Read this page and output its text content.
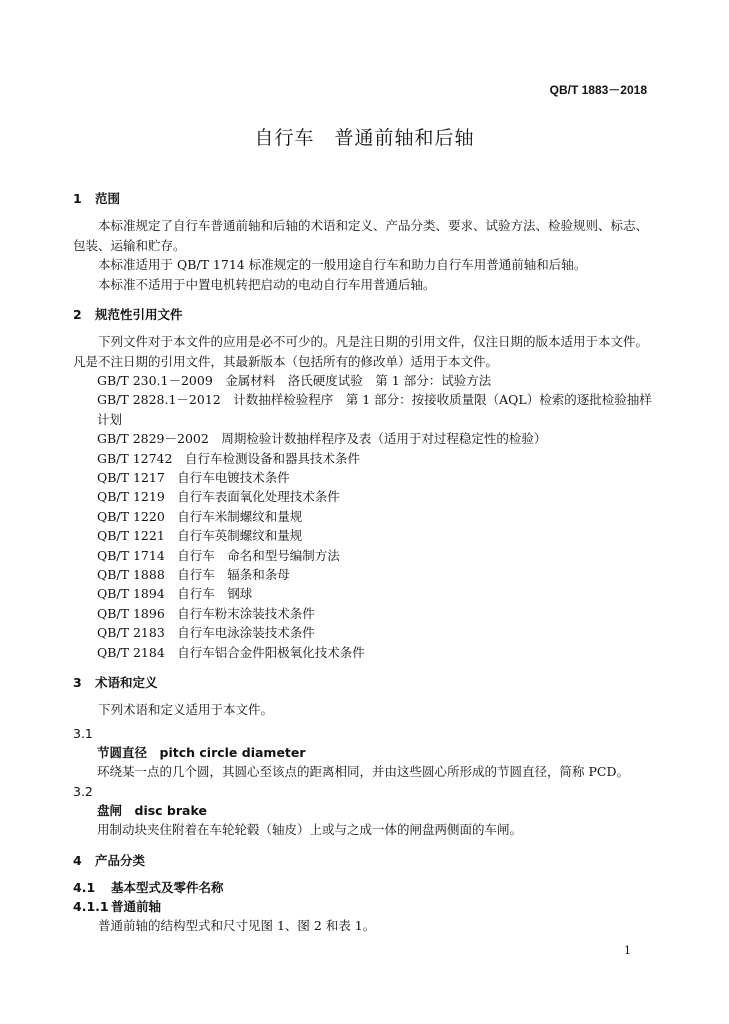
QB/T 1883－2018
自行车　普通前轴和后轴
1 范围

本标准规定了自行车普通前轴和后轴的术语和定义、产品分类、要求、试验方法、检验规则、标志、包装、运输和贮存。

本标准适用于 QB/T 1714 标准规定的一般用途自行车和助力自行车用普通前轴和后轴。

本标准不适用于中置电机转把启动的电动自行车用普通后轴。

2 规范性引用文件

下列文件对于本文件的应用是必不可少的。凡是注日期的引用文件，仅注日期的版本适用于本文件。凡是不注日期的引用文件，其最新版本（包括所有的修改单）适用于本文件。

GB/T 230.1－2009　金属材料　洛氏硬度试验　第 1 部分：试验方法
GB/T 2828.1－2012　计数抽样检验程序　第 1 部分：按接收质量限（AQL）检索的逐批检验抽样计划
GB/T 2829－2002　周期检验计数抽样程序及表（适用于对过程稳定性的检验）
GB/T 12742　自行车检测设备和器具技术条件
QB/T 1217　自行车电镀技术条件
QB/T 1219　自行车表面氧化处理技术条件
QB/T 1220　自行车米制螺纹和量规
QB/T 1221　自行车英制螺纹和量规
QB/T 1714　自行车　命名和型号编制方法
QB/T 1888　自行车　辐条和条母
QB/T 1894　自行车　钢球
QB/T 1896　自行车粉末涂装技术条件
QB/T 2183　自行车电泳涂装技术条件
QB/T 2184　自行车铝合金件阳极氧化技术条件
3 术语和定义

下列术语和定义适用于本文件。

3.1
节圆直径　pitch circle diameter
环绕某一点的几个圆，其圆心至该点的距离相同，并由这些圆心所形成的节圆直径，简称 PCD。
3.2
盘闸　disc brake
用制动块夹住附着在车轮轮毂（轴皮）上或与之成一体的闸盘两侧面的车闸。
4 产品分类
4.1 基本型式及零件名称
4.1.1 普通前轴

普通前轴的结构型式和尺寸见图 1、图 2 和表 1。

1
